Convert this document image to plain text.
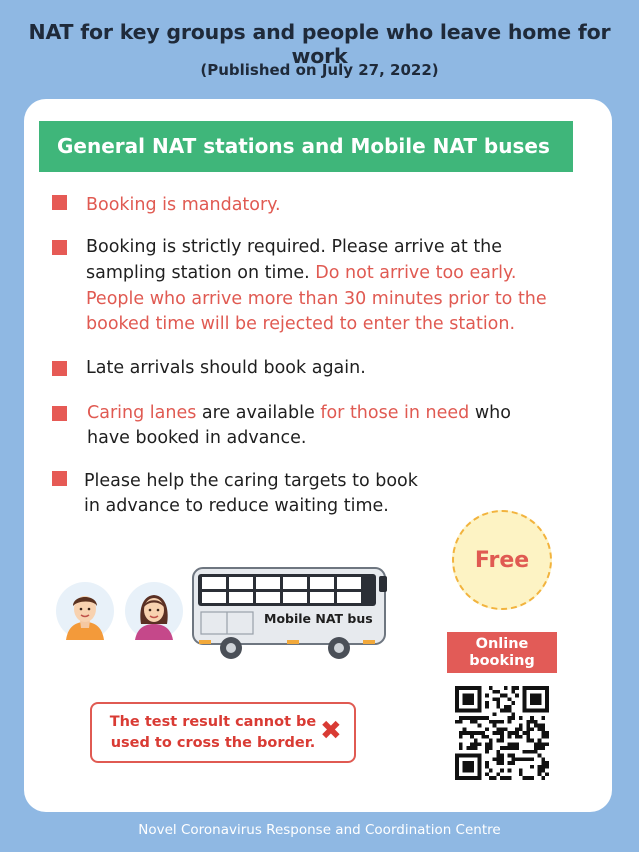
NAT for key groups and people who leave home for work
(Published on July 27, 2022)
General NAT stations and Mobile NAT buses
Booking is mandatory.
Booking is strictly required. Please arrive at the
sampling station on time. Do not arrive too early.
People who arrive more than 30 minutes prior to the
booked time will be rejected to enter the station.
Late arrivals should book again.
Caring lanes are available for those in need who
have booked in advance.
Please help the caring targets to book
in advance to reduce waiting time.
Free
Mobile NAT bus
Online
booking
The test result cannot be
used to cross the border. ✖
Novel Coronavirus Response and Coordination Centre
